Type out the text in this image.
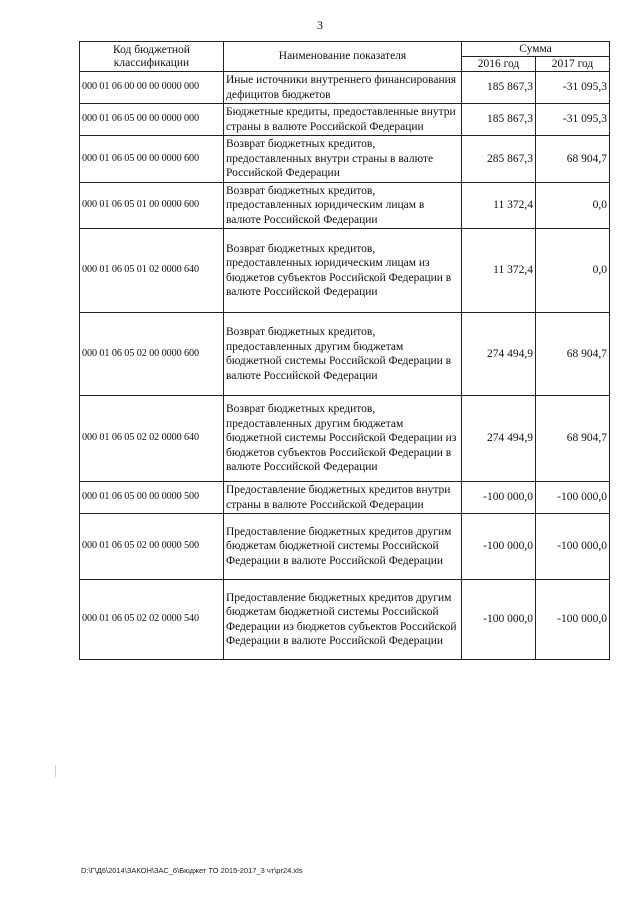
3
Код бюджетной классификации	Наименование показателя	Сумма	
		2016 год	2017 год
000 01 06 00 00 00 0000 000	Иные источники внутреннего финансирования дефицитов бюджетов	185 867,3	-31 095,3
000 01 06 05 00 00 0000 000	Бюджетные кредиты, предоставленные внутри страны в валюте Российской Федерации	185 867,3	-31 095,3
000 01 06 05 00 00 0000 600	Возврат бюджетных кредитов, предоставленных внутри страны в валюте Российской Федерации	285 867,3	68 904,7
000 01 06 05 01 00 0000 600	Возврат бюджетных кредитов, предоставленных юридическим лицам в валюте Российской Федерации	11 372,4	0,0
000 01 06 05 01 02 0000 640	Возврат бюджетных кредитов, предоставленных юридическим лицам из бюджетов субъектов Российской Федерации в валюте Российской Федерации	11 372,4	0,0
000 01 06 05 02 00 0000 600	Возврат бюджетных кредитов, предоставленных другим бюджетам бюджетной системы Российской Федерации в валюте Российской Федерации	274 494,9	68 904,7
000 01 06 05 02 02 0000 640	Возврат бюджетных кредитов, предоставленных другим бюджетам бюджетной системы Российской Федерации из бюджетов субъектов Российской Федерации в валюте Российской Федерации	274 494,9	68 904,7
000 01 06 05 00 00 0000 500	Предоставление бюджетных кредитов внутри страны в валюте Российской Федерации	-100 000,0	-100 000,0
000 01 06 05 02 00 0000 500	Предоставление бюджетных кредитов другим бюджетам бюджетной системы Российской Федерации в валюте Российской Федерации	-100 000,0	-100 000,0
000 01 06 05 02 02 0000 540	Предоставление бюджетных кредитов другим бюджетам бюджетной системы Российской Федерации из бюджетов субъектов Российской Федерации в валюте Российской Федерации	-100 000,0	-100 000,0
D:\Г\Д6\2014\ЗАКОН\ЗАС_6\Бюджет ТО 2015-2017_3 чт\pr24.xls
